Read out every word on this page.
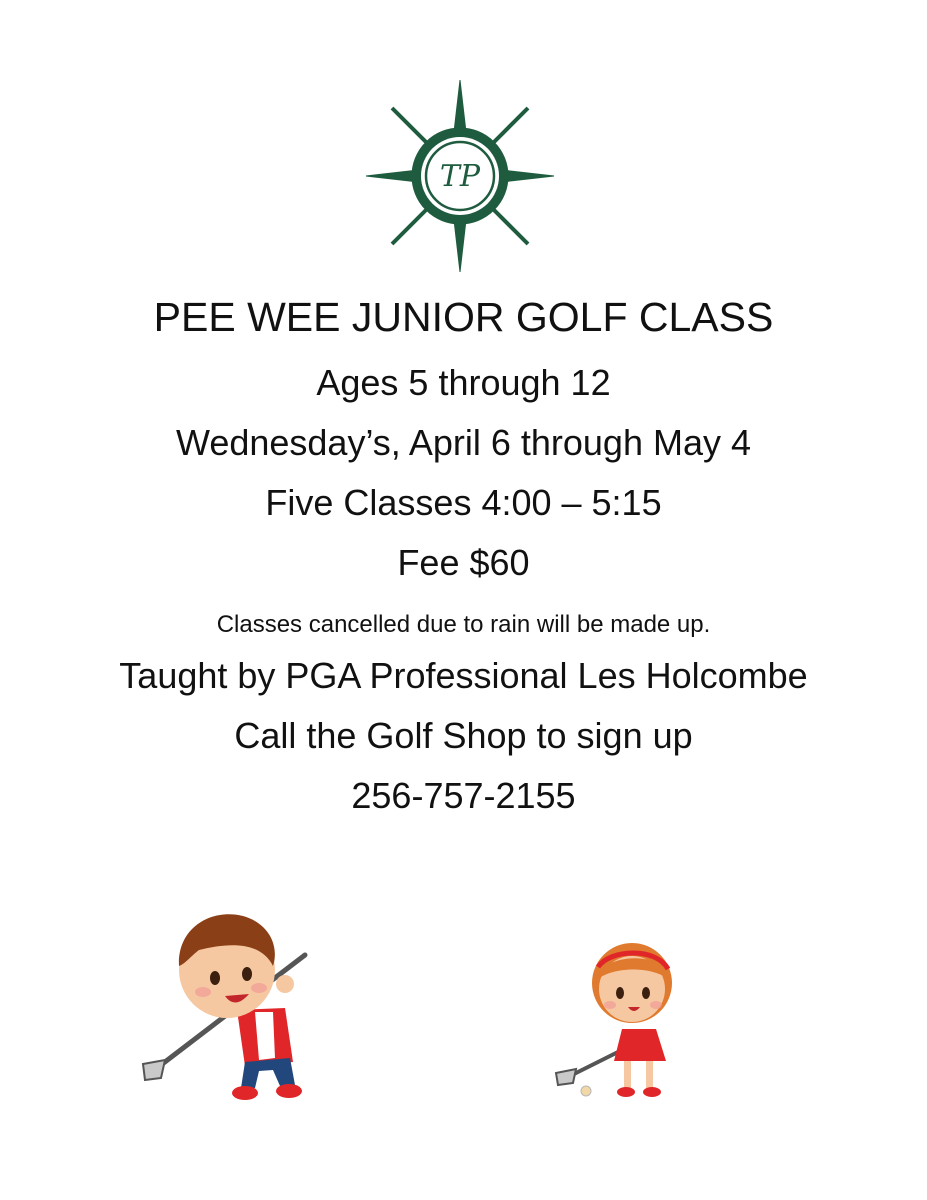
TP
PEE WEE JUNIOR GOLF CLASS
Ages 5 through 12
Wednesday’s, April 6 through May 4
Five Classes 4:00 – 5:15
Fee $60
Classes cancelled due to rain will be made up.
Taught by PGA Professional Les Holcombe
Call the Golf Shop to sign up
256-757-2155
